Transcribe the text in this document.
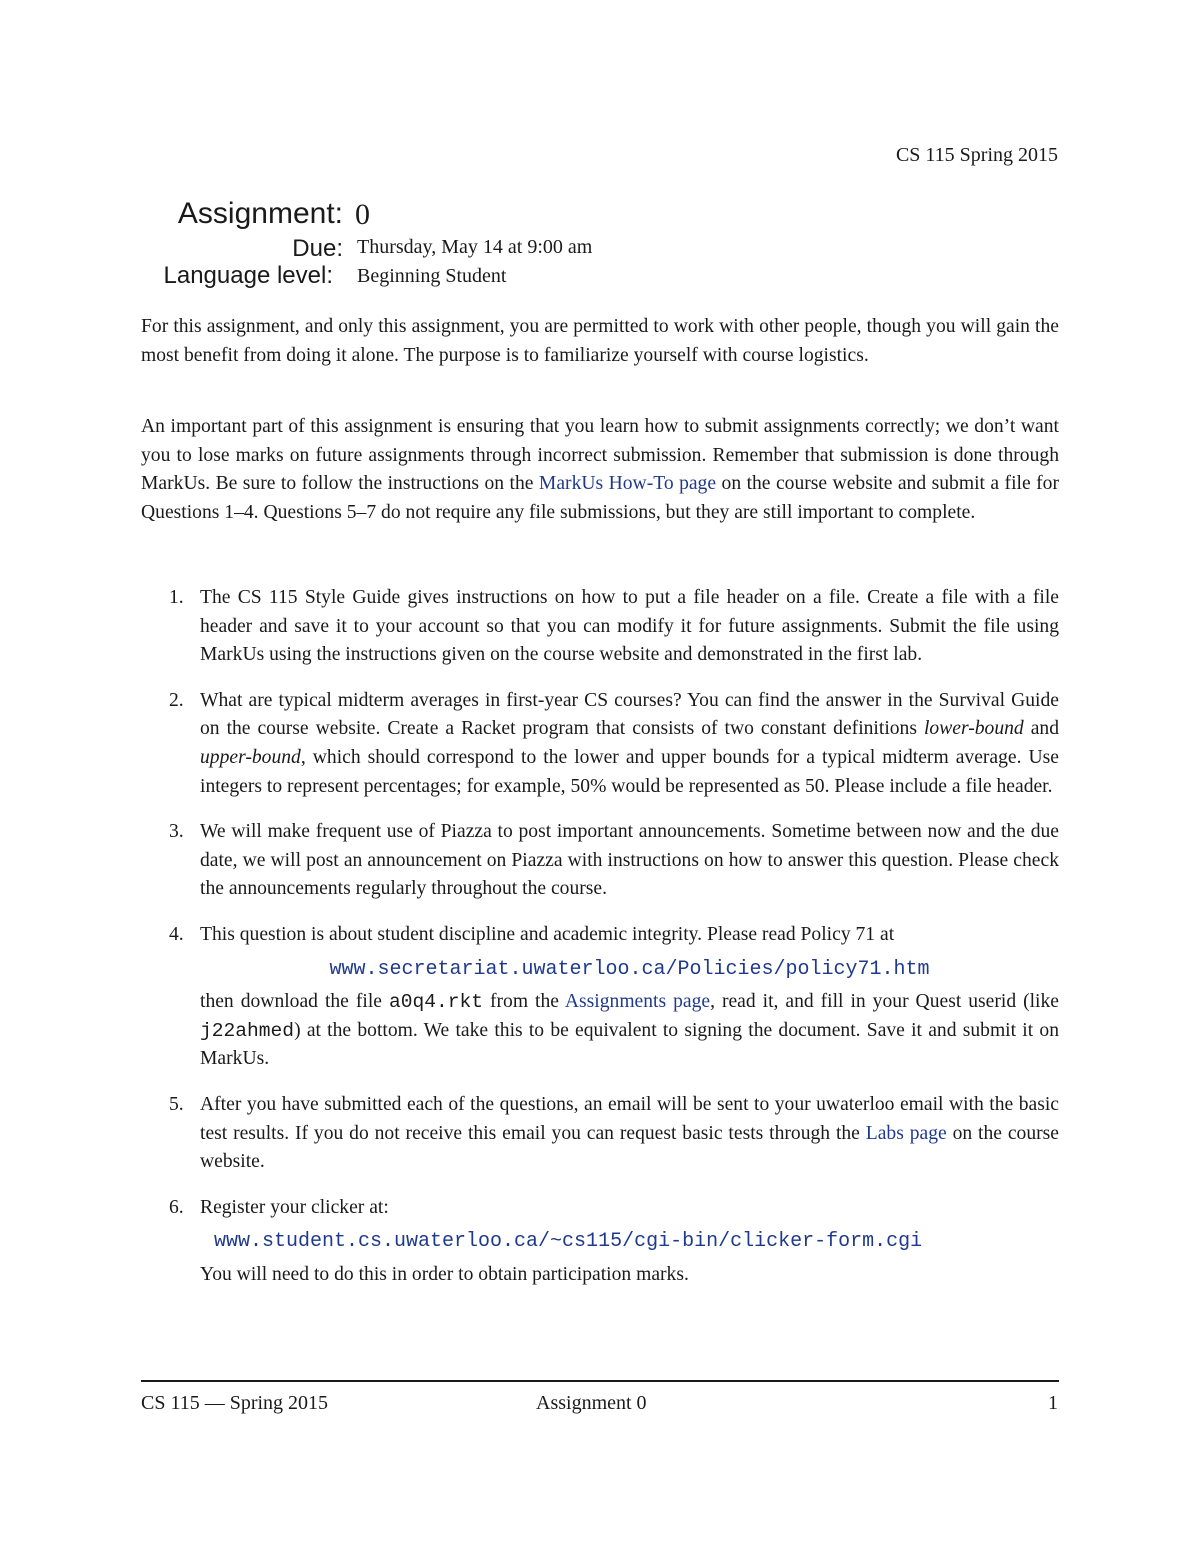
CS 115 Spring 2015
Assignment: 0
Due: Thursday, May 14 at 9:00 am
Language level: Beginning Student

For this assignment, and only this assignment, you are permitted to work with other people, though you will gain the most benefit from doing it alone. The purpose is to familiarize yourself with course logistics.

An important part of this assignment is ensuring that you learn how to submit assignments correctly; we don’t want you to lose marks on future assignments through incorrect submission. Remember that submission is done through MarkUs. Be sure to follow the instructions on the MarkUs How-To page on the course website and submit a file for Questions 1–4. Questions 5–7 do not require any file submissions, but they are still important to complete.

1. The CS 115 Style Guide gives instructions on how to put a file header on a file. Create a file with a file header and save it to your account so that you can modify it for future assignments. Submit the file using MarkUs using the instructions given on the course website and demonstrated in the first lab.
2. What are typical midterm averages in first-year CS courses? You can find the answer in the Survival Guide on the course website. Create a Racket program that consists of two constant definitions lower-bound and upper-bound, which should correspond to the lower and upper bounds for a typical midterm average. Use integers to represent percentages; for example, 50% would be represented as 50. Please include a file header.
3. We will make frequent use of Piazza to post important announcements. Sometime between now and the due date, we will post an announcement on Piazza with instructions on how to answer this question. Please check the announcements regularly throughout the course.
4. This question is about student discipline and academic integrity. Please read Policy 71 at
www.secretariat.uwaterloo.ca/Policies/policy71.htm
then download the file a0q4.rkt from the Assignments page, read it, and fill in your Quest userid (like j22ahmed) at the bottom. We take this to be equivalent to signing the document. Save it and submit it on MarkUs.
5. After you have submitted each of the questions, an email will be sent to your uwaterloo email with the basic test results. If you do not receive this email you can request basic tests through the Labs page on the course website.
6. Register your clicker at:
www.student.cs.uwaterloo.ca/~cs115/cgi-bin/clicker-form.cgi
You will need to do this in order to obtain participation marks.
CS 115 — Spring 2015	Assignment 0	1
